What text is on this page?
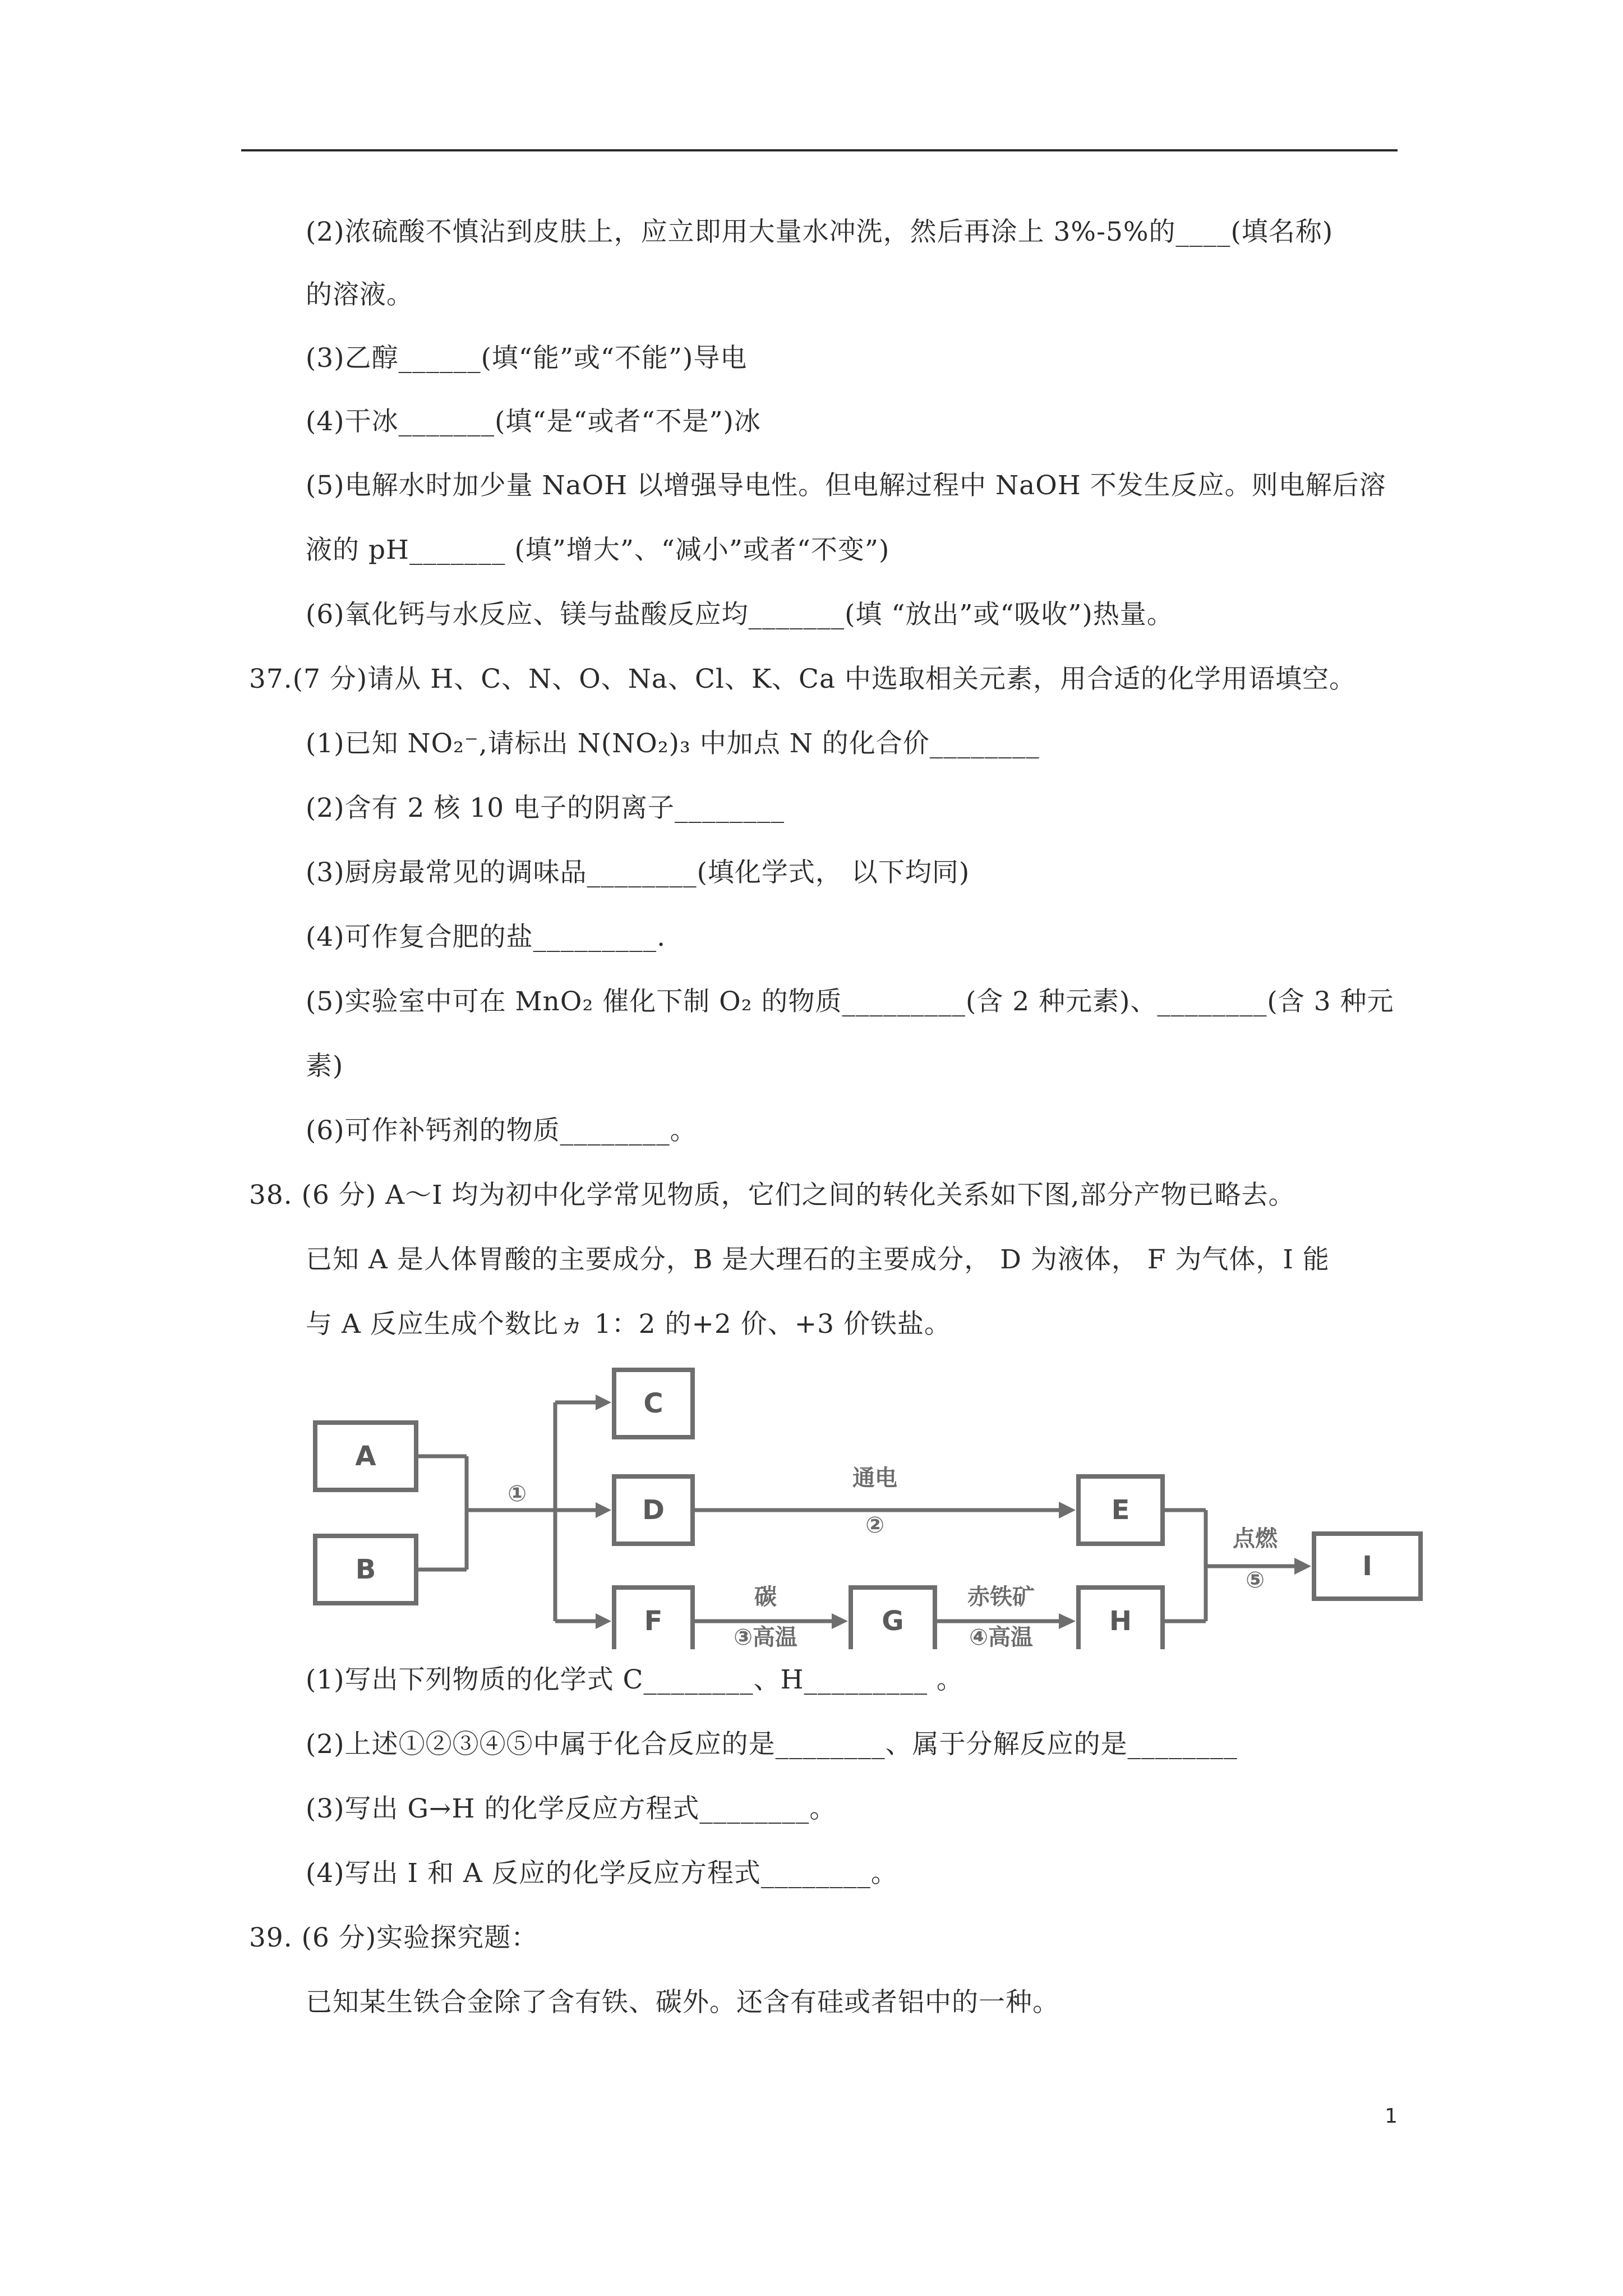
(2)浓硫酸不慎沾到皮肤上，应立即用大量水冲洗，然后再涂上 3%-5%的____(填名称)
的溶液。
(3)乙醇______(填“能”或“不能”)导电
(4)干冰_______(填“是“或者“不是”)冰
(5)电解水时加少量 NaOH 以增强导电性。但电解过程中 NaOH 不发生反应。则电解后溶
液的 pH_______ (填”增大”、“减小”或者“不变”)
(6)氧化钙与水反应、镁与盐酸反应均_______(填 “放出”或“吸收”)热量。
37.(7 分)请从 H、C、N、O、Na、Cl、K、Ca 中选取相关元素，用合适的化学用语填空。
(1)已知 NO₂⁻,请标出 N(NO₂)₃ 中加点 N 的化合价________
(2)含有 2 核 10 电子的阴离子________
(3)厨房最常见的调味品________(填化学式， 以下均同)
(4)可作复合肥的盐_________.
(5)实验室中可在 MnO₂ 催化下制 O₂ 的物质_________(含 2 种元素)、________(含 3 种元
素)
(6)可作补钙剂的物质________。
38. (6 分) A～I 均为初中化学常见物质，它们之间的转化关系如下图,部分产物已略去。
已知 A 是人体胃酸的主要成分，B 是大理石的主要成分， D 为液体， F 为气体，I 能
与 A 反应生成个数比ヵ 1：2 的+2 价、+3 价铁盐。
A
B
①
C
D
F
通电
②
碳
③高温
G
赤铁矿
④高温
E
H
点燃
⑤	I
(1)写出下列物质的化学式 C________、H_________ 。
(2)上述①②③④⑤中属于化合反应的是________、属于分解反应的是________
(3)写出 G→H 的化学反应方程式________。
(4)写出 I 和 A 反应的化学反应方程式________。
39. (6 分)实验探究题：
已知某生铁合金除了含有铁、碳外。还含有硅或者铝中的一种。
1
